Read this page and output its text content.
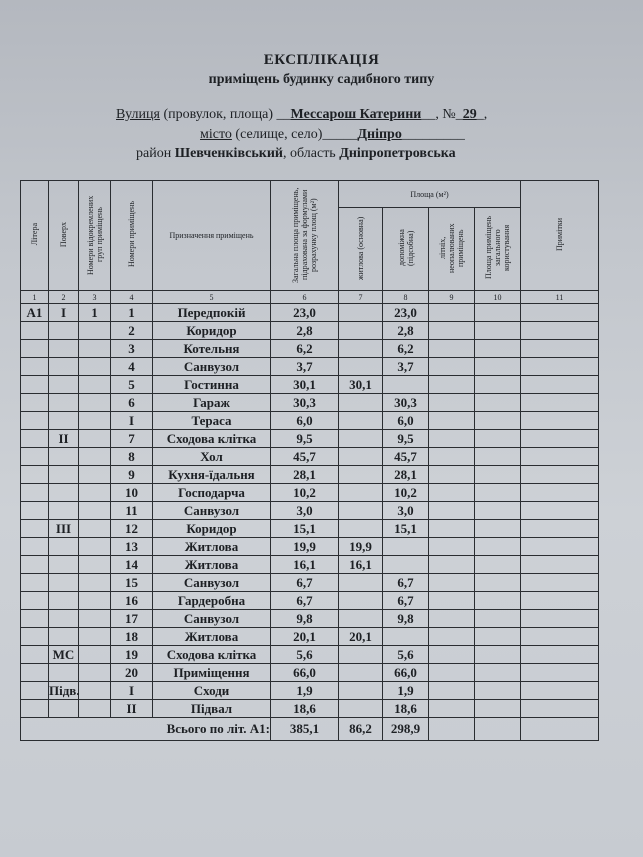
ЕКСПЛІКАЦІЯ
приміщень будинку садибного типу
Вулиця (провулок, площа) __Мессарош Катерини__, №_29_,
місто (селище, село)_____Дніпро_________
район Шевченківський, область Дніпропетровська
Літера	Поверх	Номери відокремлених груп приміщень	Номери приміщень	Призначення приміщень	Загальна площа приміщень, підрахована за формулами розрахунку площ (м²)	Площа (м²)				Примітки
						житлова (основна)	допоміжна (підсобна)	літніх, неопалюваних приміщень	Площа приміщень загального користування	
1	2	3	4	5	6	7	8	9	10	11
А1	I	1	1	Передпокій	23,0		23,0			
			2	Коридор	2,8		2,8			
			3	Котельня	6,2		6,2			
			4	Санвузол	3,7		3,7			
			5	Гостинна	30,1	30,1				
			6	Гараж	30,3		30,3			
			I	Тераса	6,0		6,0			
	II		7	Сходова клітка	9,5		9,5			
			8	Хол	45,7		45,7			
			9	Кухня-їдальня	28,1		28,1			
			10	Господарча	10,2		10,2			
			11	Санвузол	3,0		3,0			
	III		12	Коридор	15,1		15,1			
			13	Житлова	19,9	19,9				
			14	Житлова	16,1	16,1				
			15	Санвузол	6,7		6,7			
			16	Гардеробна	6,7		6,7			
			17	Санвузол	9,8		9,8			
			18	Житлова	20,1	20,1				
	МС		19	Сходова клітка	5,6		5,6			
			20	Приміщення	66,0		66,0			
	Підв.		I	Сходи	1,9		1,9			
			II	Підвал	18,6		18,6			
Всього по літ. А1:					385,1	86,2	298,9			
